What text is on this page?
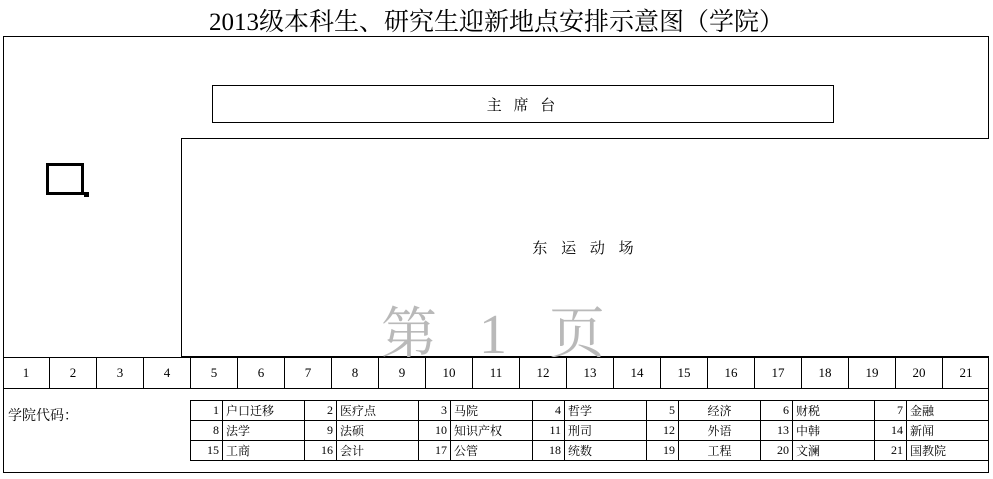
2013级本科生、研究生迎新地点安排示意图（学院）
主 席 台
东 运 动 场
第 1 页
1	2	3	4	5	6	7	8	9	10	11	12	13	14	15	16	17	18	19	20	21
学院代码：	1	户口迁移	2	医疗点	3	马院	4	哲学	5	经济	6	财税	7	金融
8	法学	9	法硕	10	知识产权	11	刑司	12	外语	13	中韩	14	新闻
15	工商	16	会计	17	公管	18	统数	19	工程	20	文澜	21	国教院
